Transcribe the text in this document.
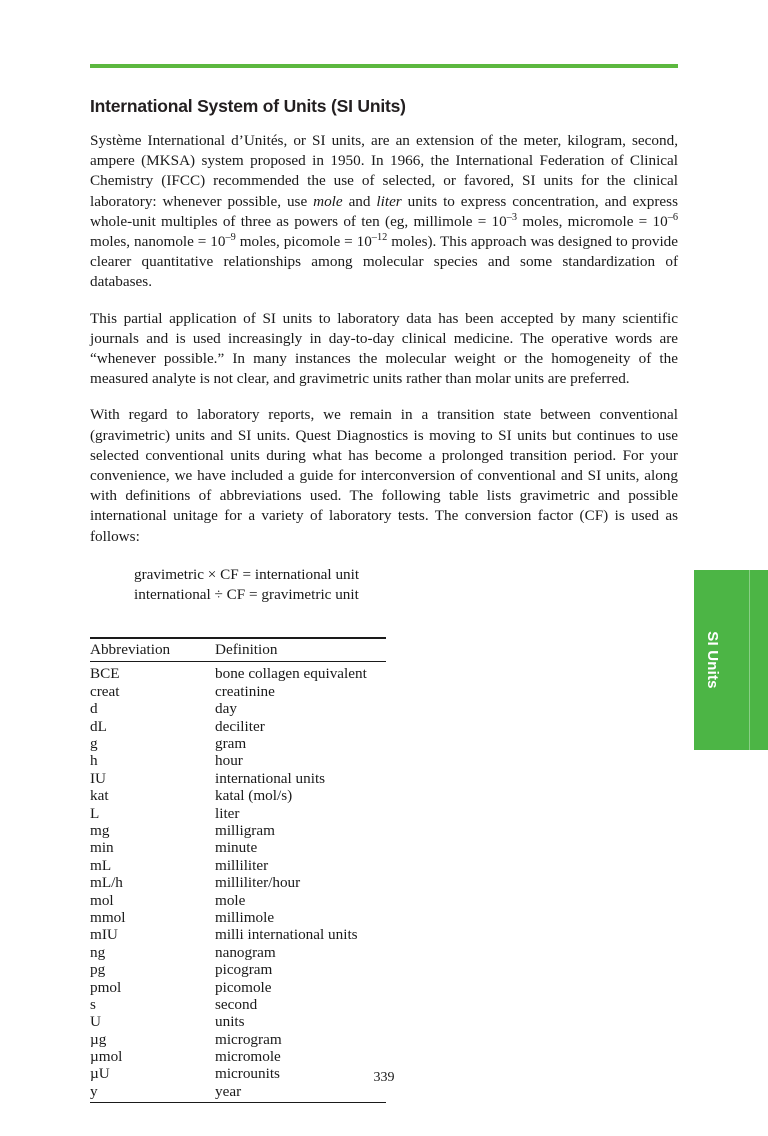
SI Units
International System of Units (SI Units)

Système International d’Unités, or SI units, are an extension of the meter, kilogram, second, ampere (MKSA) system proposed in 1950. In 1966, the International Federation of Clinical Chemistry (IFCC) recommended the use of selected, or favored, SI units for the clinical laboratory: whenever possible, use mole and liter units to express concentration, and express whole-unit multiples of three as powers of ten (eg, millimole = $10^{-3}$ moles, micromole = $10^{-6}$ moles, nanomole = $10^{-9}$ moles, picomole = $10^{-12}$ moles). This approach was designed to provide clearer quantitative relationships among molecular species and some standardization of databases.

This partial application of SI units to laboratory data has been accepted by many scientific journals and is used increasingly in day-to-day clinical medicine. The operative words are “whenever possible.” In many instances the molecular weight or the homogeneity of the measured analyte is not clear, and gravimetric units rather than molar units are preferred.

With regard to laboratory reports, we remain in a transition state between conventional (gravimetric) units and SI units. Quest Diagnostics is moving to SI units but continues to use selected conventional units during what has become a prolonged transition period. For your convenience, we have included a guide for interconversion of conventional and SI units, along with definitions of abbreviations used. The following table lists gravimetric and possible international unitage for a variety of laboratory tests. The conversion factor (CF) is used as follows:

gravimetric × CF = international unit
international ÷ CF = gravimetric unit
Abbreviation	Definition
BCE	bone collagen equivalent
creat	creatinine
d	day
dL	deciliter
g	gram
h	hour
IU	international units
kat	katal (mol/s)
L	liter
mg	milligram
min	minute
mL	milliliter
mL/h	milliliter/hour
mol	mole
mmol	millimole
mIU	milli international units
ng	nanogram
pg	picogram
pmol	picomole
s	second
U	units
µg	microgram
µmol	micromole
µU	microunits
y	year
339
